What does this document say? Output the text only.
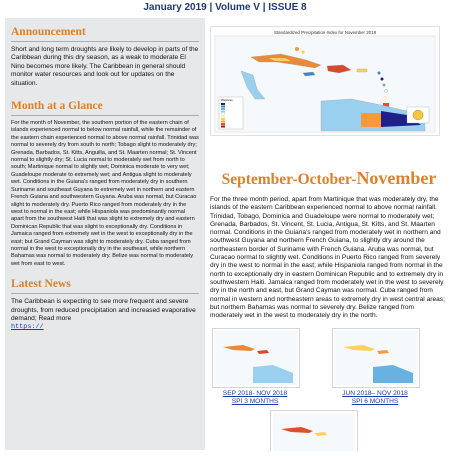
January 2019 | Volume V | ISSUE 8
Announcement

Short and long term droughts are likely to develop in parts of the Caribbean during this dry season, as a weak to moderate El Nino becomes more likely. The Caribbean in general should monitor water resources and look out for updates on the situation.

Month at a Glance

For the month of November, the southern portion of the eastern chain of islands experienced normal to below normal rainfall, while the remainder of the eastern chain experienced normal to above normal rainfall. Trinidad was normal to severely dry from south to north; Tobago slight to moderately dry; Grenada, Barbados, St. Kitts, Anguilla, and St. Maarten normal; St. Vincent normal to slightly dry; St. Lucia normal to moderately wet from north to south; Martinique normal to slightly wet; Dominica moderate to very wet; Guadeloupe moderate to extremely wet; and Antigua slight to moderately wet. Conditions in the Guiana's ranged from moderately dry in southern Suriname and southeast Guyana to extremely wet in northern and eastern French Guiana and southwestern Guyana. Aruba was normal, but Curacao slight to moderately dry. Puerto Rico ranged from moderately dry in the west to normal in the east; while Hispaniola was predominantly normal apart from the southwest Haiti that was slight to extremely dry and eastern Dominican Republic that was slight to exceptionally dry. Conditions in Jamaica ranged from extremely wet in the west to exceptionally dry in the east; but Grand Cayman was slight to moderately dry. Cuba ranged from normal in the west to exceptionally dry in the southeast, while northern Bahamas was normal to moderately dry. Belize was normal to moderately wet from east to west.

Latest News

The Caribbean is expecting to see more frequent and severe droughts, from reduced precipitation and increased evaporative demand; Read more
https://

Standardized Precipitation Index for November 2018
Wetness
September-October-November

For the three month period, apart from Martinique that was moderately dry, the islands of the eastern Caribbean experienced normal to above normal rainfall. Trinidad, Tobago, Dominica and Guadeloupe were normal to moderately wet; Grenada, Barbados, St. Vincent, St. Lucia, Antigua, St. Kitts, and St. Maarten normal. Conditions in the Guiana's ranged from moderately wet in northern and southwest Guyana and northern French Guiana, to slightly dry around the northeastern border of Suriname with French Guiana. Aruba was normal, but Curacao normal to slightly wet. Conditions in Puerto Rico ranged from severely dry in the west to normal in the east; while Hispaniola ranged from normal in the north to exceptionally dry in eastern Dominican Republic and to extremely dry in southwestern Haiti. Jamaica ranged from moderately wet in the west to severely dry in the north and east, but Grand Cayman was normal. Cuba ranged from normal in western and northeastern areas to extremely dry in west central areas; but northern Bahamas was normal to severely dry. Belize ranged from moderately wet in the west to moderately dry in the north.

SEP 2018- NOV 2018
SPI 3 MONTHS
JUN 2018– NOV 2018
SPI 6 MONTHS
